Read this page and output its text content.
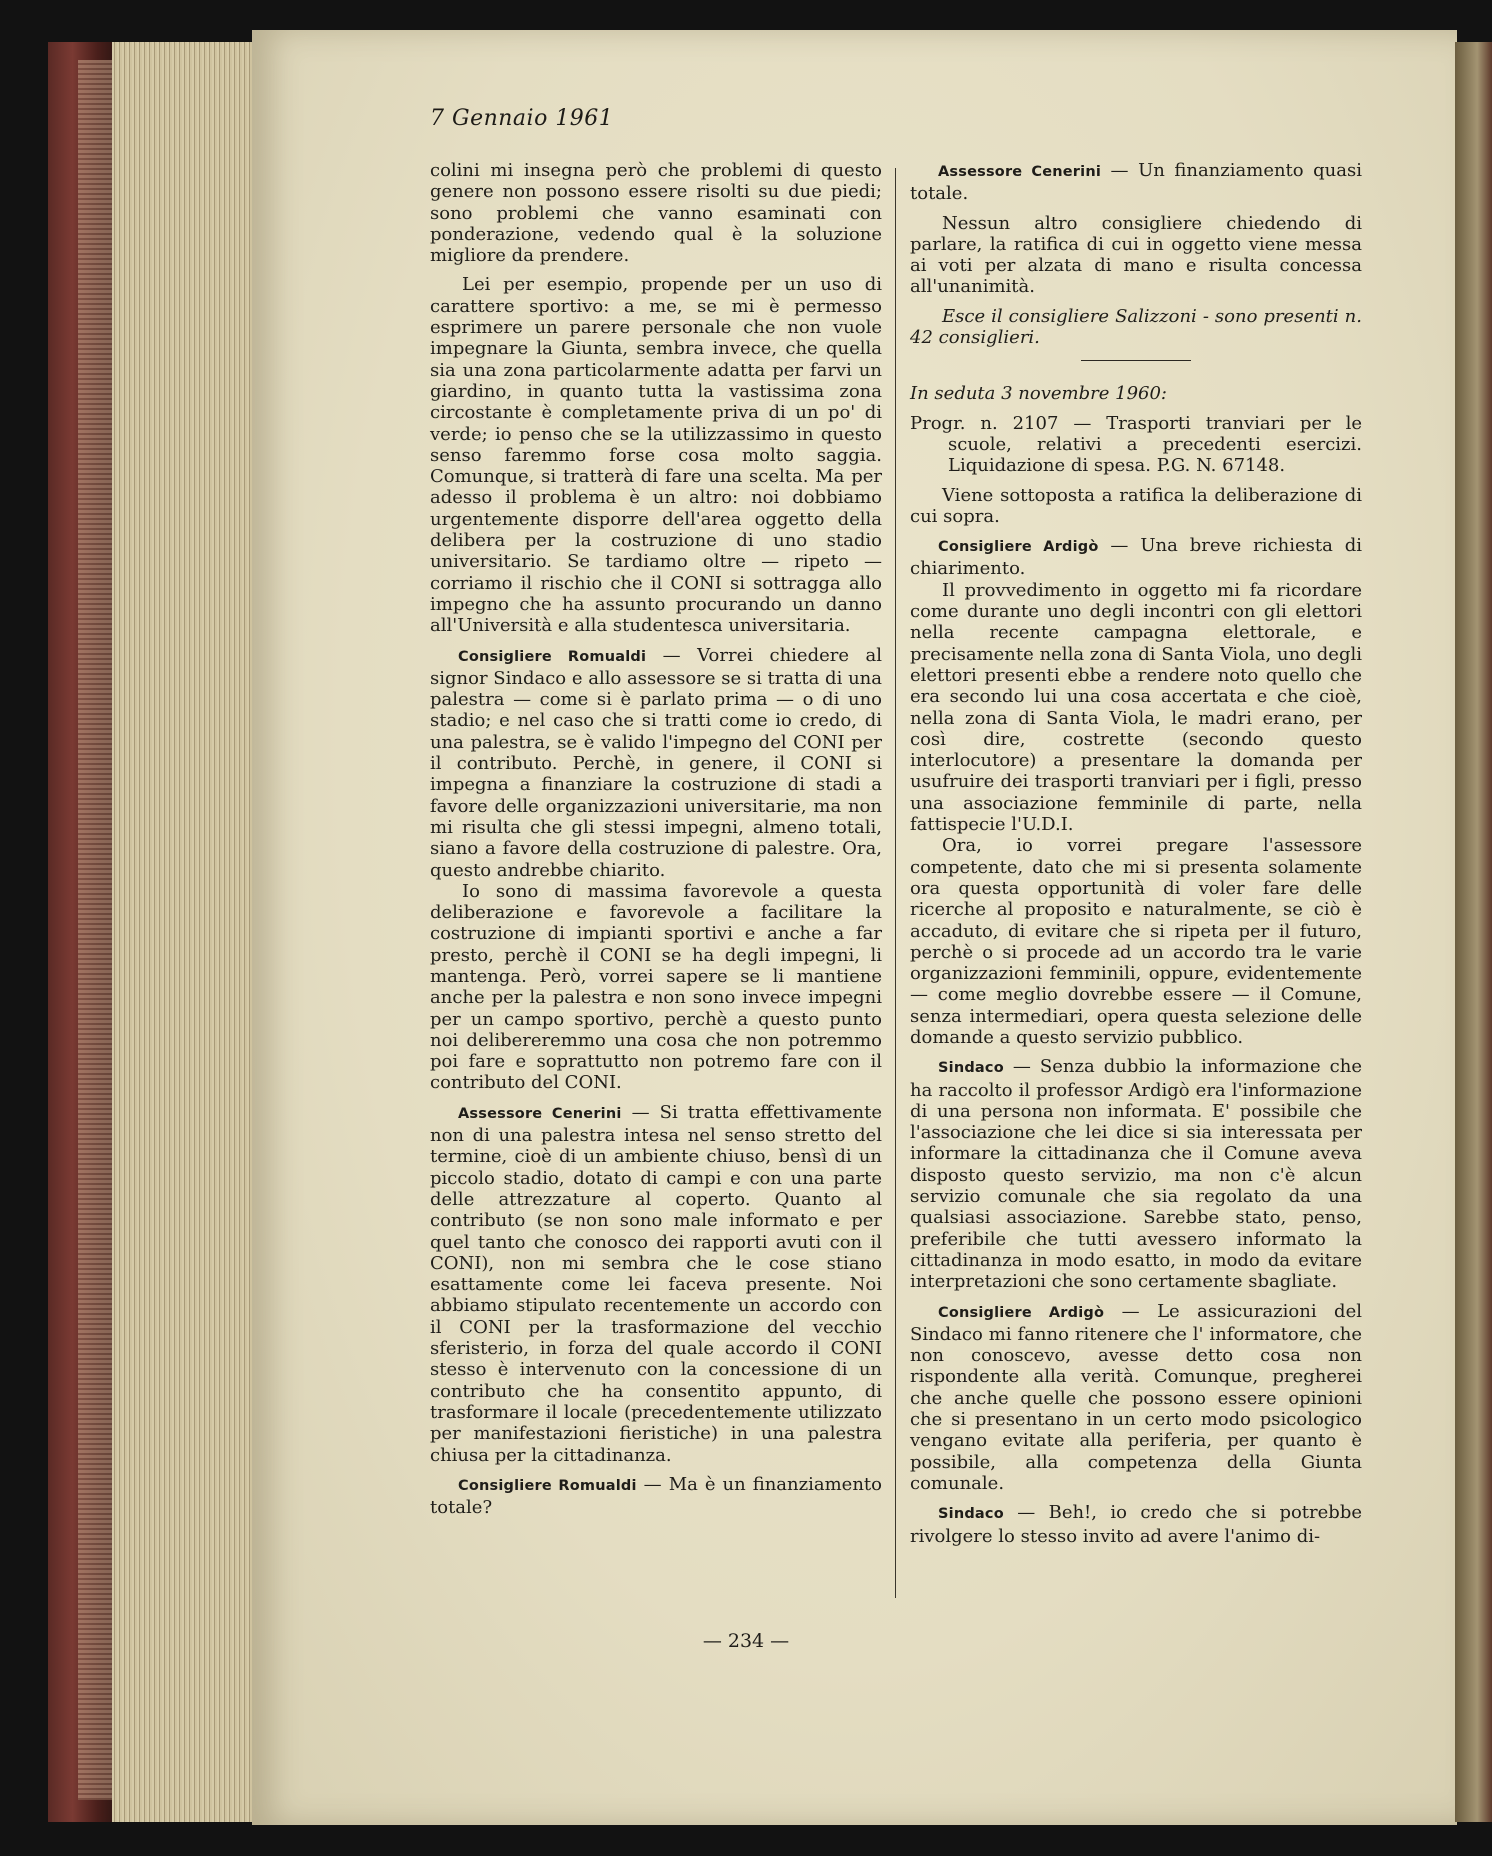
7 Gennaio 1961

colini mi insegna però che problemi di questo genere non possono essere risolti su due piedi; sono problemi che vanno esaminati con ponderazione, vedendo qual è la soluzione migliore da prendere.

Lei per esempio, propende per un uso di carattere sportivo: a me, se mi è permesso esprimere un parere personale che non vuole impegnare la Giunta, sembra invece, che quella sia una zona particolarmente adatta per farvi un giardino, in quanto tutta la vastissima zona circostante è completamente priva di un po' di verde; io penso che se la utilizzassimo in questo senso faremmo forse cosa molto saggia. Comunque, si tratterà di fare una scelta. Ma per adesso il problema è un altro: noi dobbiamo urgentemente disporre dell'area oggetto della delibera per la costruzione di uno stadio universitario. Se tardiamo oltre — ripeto — corriamo il rischio che il CONI si sottragga allo impegno che ha assunto procurando un danno all'Università e alla studentesca universitaria.

Consigliere Romualdi — Vorrei chiedere al signor Sindaco e allo assessore se si tratta di una palestra — come si è parlato prima — o di uno stadio; e nel caso che si tratti come io credo, di una palestra, se è valido l'impegno del CONI per il contributo. Perchè, in genere, il CONI si impegna a finanziare la costruzione di stadi a favore delle organizzazioni universitarie, ma non mi risulta che gli stessi impegni, almeno totali, siano a favore della costruzione di palestre. Ora, questo andrebbe chiarito.

Io sono di massima favorevole a questa deliberazione e favorevole a facilitare la costruzione di impianti sportivi e anche a far presto, perchè il CONI se ha degli impegni, li mantenga. Però, vorrei sapere se li mantiene anche per la palestra e non sono invece impegni per un campo sportivo, perchè a questo punto noi delibereremmo una cosa che non potremmo poi fare e soprattutto non potremo fare con il contributo del CONI.

Assessore Cenerini — Si tratta effettivamente non di una palestra intesa nel senso stretto del termine, cioè di un ambiente chiuso, bensì di un piccolo stadio, dotato di campi e con una parte delle attrezzature al coperto. Quanto al contributo (se non sono male informato e per quel tanto che conosco dei rapporti avuti con il CONI), non mi sembra che le cose stiano esattamente come lei faceva presente. Noi abbiamo stipulato recentemente un accordo con il CONI per la trasformazione del vecchio sferisterio, in forza del quale accordo il CONI stesso è intervenuto con la concessione di un contributo che ha consentito appunto, di trasformare il locale (precedentemente utilizzato per manifestazioni fieristiche) in una palestra chiusa per la cittadinanza.

Consigliere Romualdi — Ma è un finanziamento totale?

Assessore Cenerini — Un finanziamento quasi totale.

Nessun altro consigliere chiedendo di parlare, la ratifica di cui in oggetto viene messa ai voti per alzata di mano e risulta concessa all'unanimità.

Esce il consigliere Salizzoni - sono presenti n. 42 consiglieri.

In seduta 3 novembre 1960:

Progr. n. 2107 — Trasporti tranviari per le scuole, relativi a precedenti esercizi. Liquidazione di spesa. P.G. N. 67148.

Viene sottoposta a ratifica la deliberazione di cui sopra.

Consigliere Ardigò — Una breve richiesta di chiarimento.

Il provvedimento in oggetto mi fa ricordare come durante uno degli incontri con gli elettori nella recente campagna elettorale, e precisamente nella zona di Santa Viola, uno degli elettori presenti ebbe a rendere noto quello che era secondo lui una cosa accertata e che cioè, nella zona di Santa Viola, le madri erano, per così dire, costrette (secondo questo interlocutore) a presentare la domanda per usufruire dei trasporti tranviari per i figli, presso una associazione femminile di parte, nella fattispecie l'U.D.I.

Ora, io vorrei pregare l'assessore competente, dato che mi si presenta solamente ora questa opportunità di voler fare delle ricerche al proposito e naturalmente, se ciò è accaduto, di evitare che si ripeta per il futuro, perchè o si procede ad un accordo tra le varie organizzazioni femminili, oppure, evidentemente — come meglio dovrebbe essere — il Comune, senza intermediari, opera questa selezione delle domande a questo servizio pubblico.

Sindaco — Senza dubbio la informazione che ha raccolto il professor Ardigò era l'informazione di una persona non informata. E' possibile che l'associazione che lei dice si sia interessata per informare la cittadinanza che il Comune aveva disposto questo servizio, ma non c'è alcun servizio comunale che sia regolato da una qualsiasi associazione. Sarebbe stato, penso, preferibile che tutti avessero informato la cittadinanza in modo esatto, in modo da evitare interpretazioni che sono certamente sbagliate.

Consigliere Ardigò — Le assicurazioni del Sindaco mi fanno ritenere che l' informatore, che non conoscevo, avesse detto cosa non rispondente alla verità. Comunque, pregherei che anche quelle che possono essere opinioni che si presentano in un certo modo psicologico vengano evitate alla periferia, per quanto è possibile, alla competenza della Giunta comunale.

Sindaco — Beh!, io credo che si potrebbe rivolgere lo stesso invito ad avere l'animo di-

— 234 —
